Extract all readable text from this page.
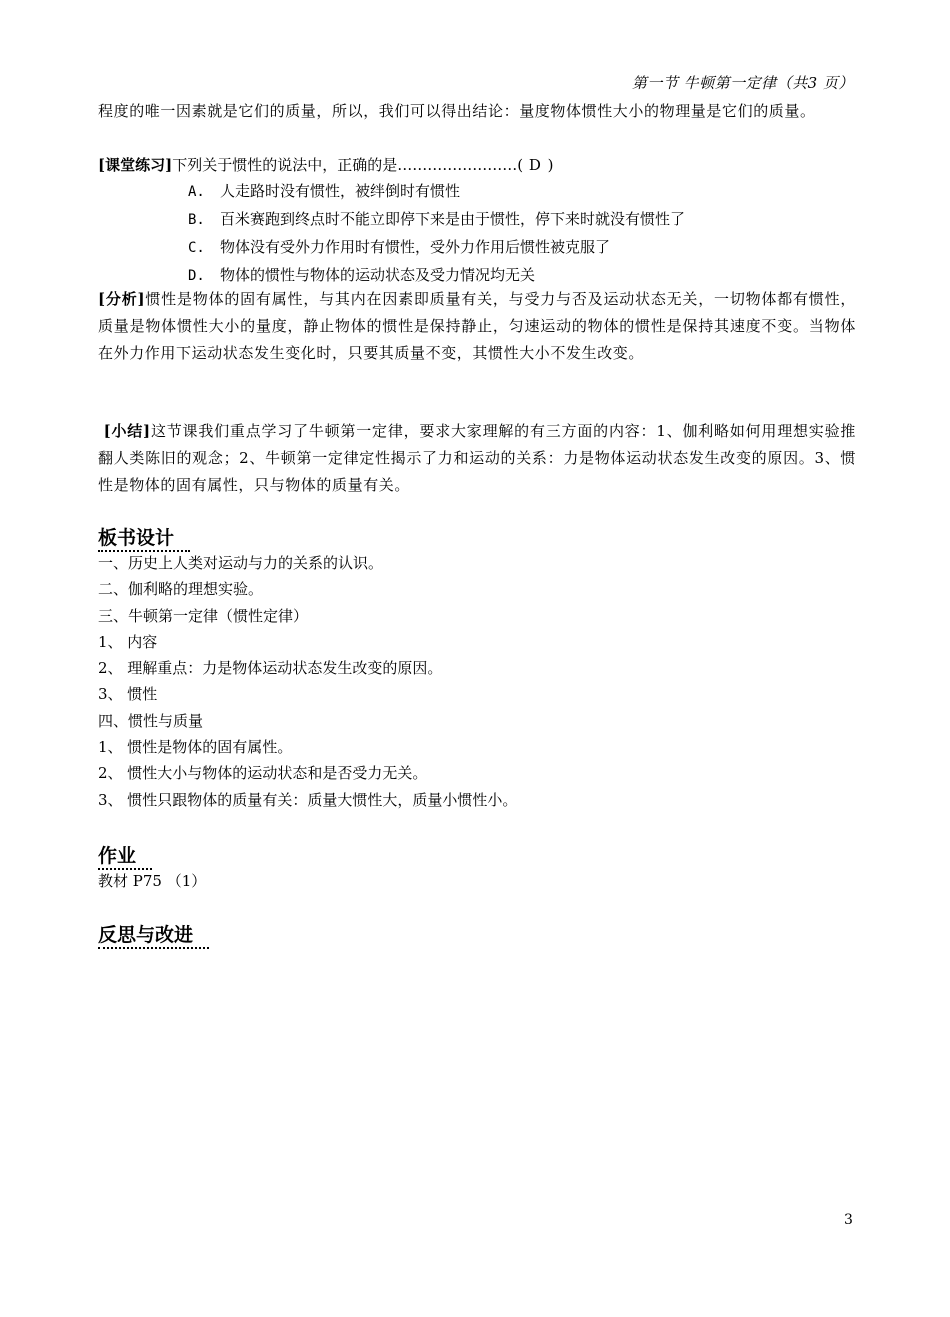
第一节 牛顿第一定律（共3 页）
程度的唯一因素就是它们的质量，所以，我们可以得出结论：量度物体惯性大小的物理量是它们的质量。
[课堂练习]下列关于惯性的说法中，正确的是……………………( D )
A. 人走路时没有惯性，被绊倒时有惯性
B. 百米赛跑到终点时不能立即停下来是由于惯性，停下来时就没有惯性了
C. 物体没有受外力作用时有惯性，受外力作用后惯性被克服了
D. 物体的惯性与物体的运动状态及受力情况均无关
[分析]惯性是物体的固有属性，与其内在因素即质量有关，与受力与否及运动状态无关，一切物体都有惯性，质量是物体惯性大小的量度，静止物体的惯性是保持静止，匀速运动的物体的惯性是保持其速度不变。当物体在外力作用下运动状态发生变化时，只要其质量不变，其惯性大小不发生改变。
[小结]这节课我们重点学习了牛顿第一定律，要求大家理解的有三方面的内容：1、伽利略如何用理想实验推翻人类陈旧的观念；2、牛顿第一定律定性揭示了力和运动的关系：力是物体运动状态发生改变的原因。3、惯性是物体的固有属性，只与物体的质量有关。
板书设计
一、历史上人类对运动与力的关系的认识。
二、伽利略的理想实验。
三、牛顿第一定律（惯性定律）
1、 内容
2、 理解重点：力是物体运动状态发生改变的原因。
3、 惯性
四、惯性与质量
1、 惯性是物体的固有属性。
2、 惯性大小与物体的运动状态和是否受力无关。
3、 惯性只跟物体的质量有关：质量大惯性大，质量小惯性小。
作业
教材 P75 （1）
反思与改进
3
